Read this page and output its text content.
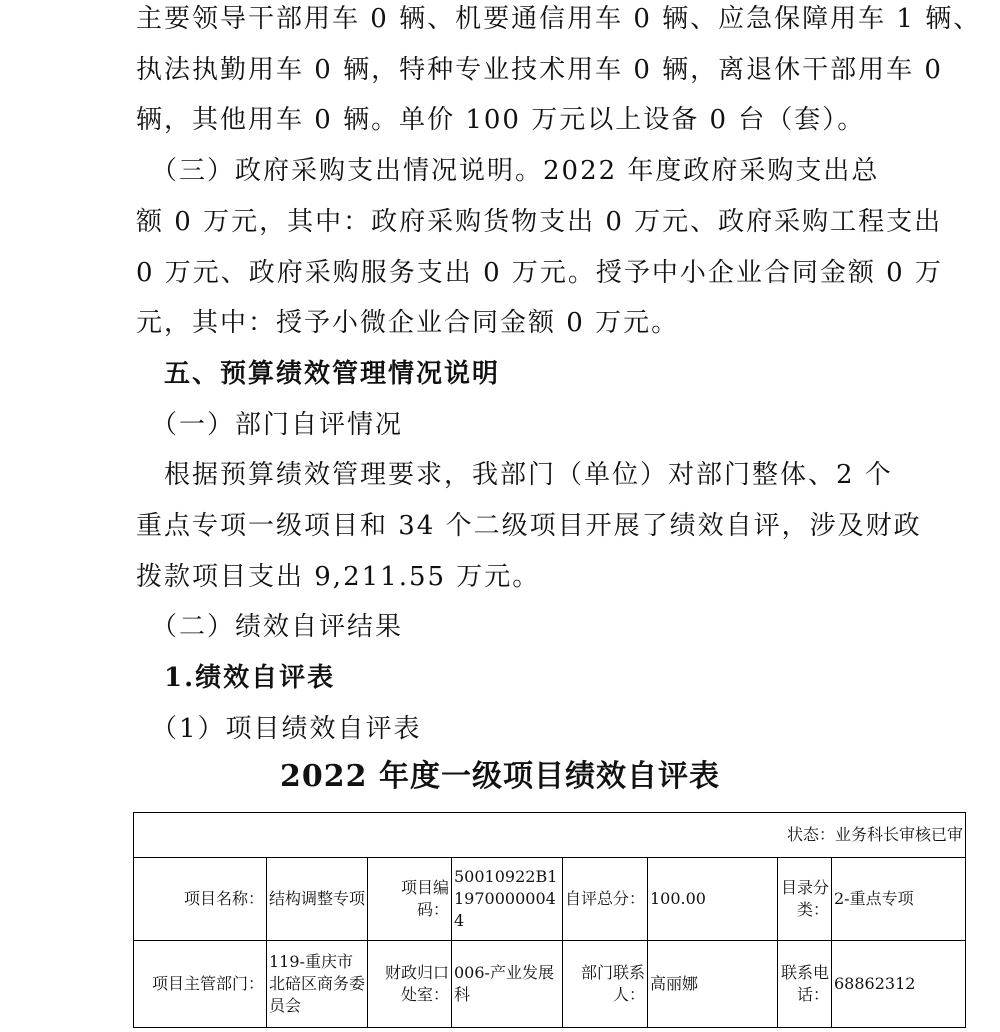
主要领导干部用车 0 辆、机要通信用车 0 辆、应急保障用车 1 辆、
执法执勤用车 0 辆，特种专业技术用车 0 辆，离退休干部用车 0
辆，其他用车 0 辆。单价 100 万元以上设备 0 台（套）。
　（三）政府采购支出情况说明。2022 年度政府采购支出总
额 0 万元，其中：政府采购货物支出 0 万元、政府采购工程支出
0 万元、政府采购服务支出 0 万元。授予中小企业合同金额 0 万
元，其中：授予小微企业合同金额 0 万元。
　五、预算绩效管理情况说明
　（一）部门自评情况
　根据预算绩效管理要求，我部门（单位）对部门整体、2 个
重点专项一级项目和 34 个二级项目开展了绩效自评，涉及财政
拨款项目支出 9,211.55 万元。
　（二）绩效自评结果
　1.绩效自评表
　（1）项目绩效自评表
2022 年度一级项目绩效自评表
状态：业务科长审核已审							
项目名称：	结构调整专项	项目编码：	50010922B119700000044	自评总分：	100.00	目录分类：	2-重点专项
项目主管部门：	119-重庆市北碚区商务委员会	财政归口处室：	006-产业发展科	部门联系人：	高丽娜	联系电话：	68862312
